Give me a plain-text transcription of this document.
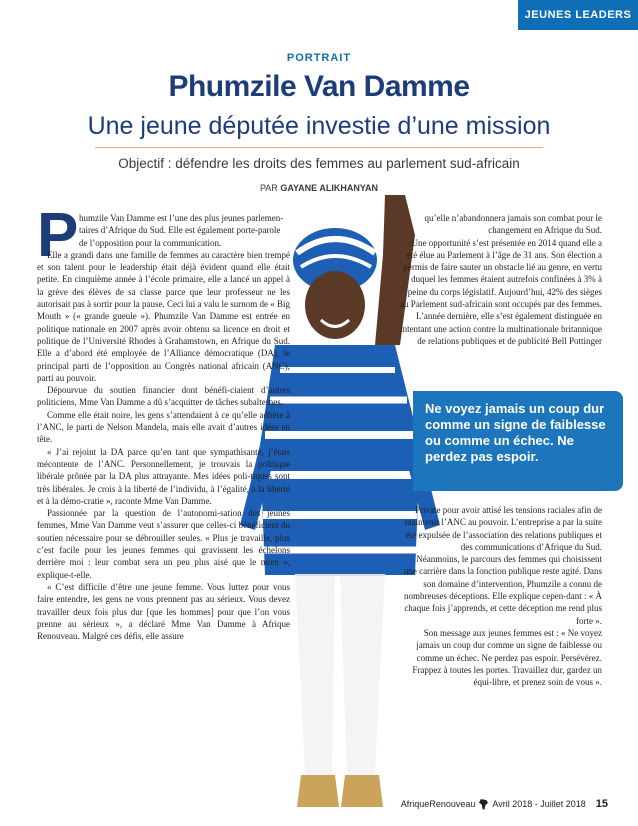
JEUNES LEADERS
PORTRAIT
Phumzile Van Damme
Une jeune députée investie d’une mission
Objectif : défendre les droits des femmes au parlement sud-africain
PAR GAYANE ALIKHANYAN
P humzile Van Damme est l’une des plus jeunes parlemen-

taires d’Afrique du Sud. Elle est également porte-parole

de l’opposition pour la communication.

Elle a grandi dans une famille de femmes au caractère bien trempé et son talent pour le leadership était déjà évident quand elle était petite. En cinquième année à l’école primaire, elle a lancé un appel à la grève des élèves de sa classe parce que leur professeur ne les autorisait pas à sortir pour la pause. Ceci lui a valu le surnom de « Big Mouth » (« grande gueule »). Phumzile Van Damme est entrée en politique nationale en 2007 après avoir obtenu sa licence en droit et politique de l’Université Rhodes à Grahamstown, en Afrique du Sud. Elle a d’abord été employée de l’Alliance démocratique (DA), le principal parti de l’opposition au Congrès national africain (ANC), parti au pouvoir.

Dépourvue du soutien financier dont bénéfi-ciaient d’autres politiciens, Mme Van Damme a dû s’acquitter de tâches subalternes.

Comme elle était noire, les gens s’attendaient à ce qu’elle adhère à l’ANC, le parti de Nelson Mandela, mais elle avait d’autres idées en tête.

« J’ai rejoint la DA parce qu’en tant que sympathisante, j’étais mécontente de l’ANC. Personnellement, je trouvais la politique libérale prônée par la DA plus attrayante. Mes idées poli-tiques sont très libérales. Je crois à la liberté de l’individu, à l’égalité, à la liberté et à la démo-cratie », raconte Mme Van Damme.

Passionnée par la question de l’autonomi-sation des jeunes femmes, Mme Van Damme veut s’assurer que celles-ci bénéficient du soutien nécessaire pour se débrouiller seules. « Plus je travaille, plus c’est facile pour les jeunes femmes qui gravissent les échelons derrière moi : leur combat sera un peu plus aisé que le mien », explique-t-elle.

« C’est difficile d’être une jeune femme. Vous luttez pour vous faire entendre, les gens ne vous prennent pas au sérieux. Vous devez travailler deux fois plus dur [que les hommes] pour que l’on vous prenne au sérieux », a déclaré Mme Van Damme à Afrique Renouveau. Malgré ces défis, elle assure

qu’elle n’abandonnera jamais son combat pour le changement en Afrique du Sud.

Une opportunité s’est présentée en 2014 quand elle a été élue au Parlement à l’âge de 31 ans. Son élection a permis de faire sauter un obstacle lié au genre, en vertu duquel les femmes étaient autrefois confinées à 3% à peine du corps législatif. Aujourd’hui, 42% des sièges au Parlement sud-africain sont occupés par des femmes.

L’année dernière, elle s’est également distinguée en intentant une action contre la multinationale britannique de relations publiques et de publicité Bell Pottinger

Ne voyez jamais un coup dur comme un signe de faiblesse ou comme un échec. Ne perdez pas espoir.

Private pour avoir attisé les tensions raciales afin de maintenir l’ANC au pouvoir. L’entreprise a par la suite été expulsée de l’association des relations publiques et des communications d’Afrique du Sud.

Néanmoins, le parcours des femmes qui choisissent une carrière dans la fonction publique reste agité. Dans son domaine d’intervention, Phumzile a connu de nombreuses déceptions. Elle explique cepen-dant : « À chaque fois j’apprends, et cette déception me rend plus forte ».

Son message aux jeunes femmes est : « Ne voyez jamais un coup dur comme un signe de faiblesse ou comme un échec. Ne perdez pas espoir. Persévérez. Frappez à toutes les portes. Travaillez dur, gardez un équi-libre, et prenez soin de vous ».

AfriqueRenouveau Avril 2018 - Juillet 2018 15
